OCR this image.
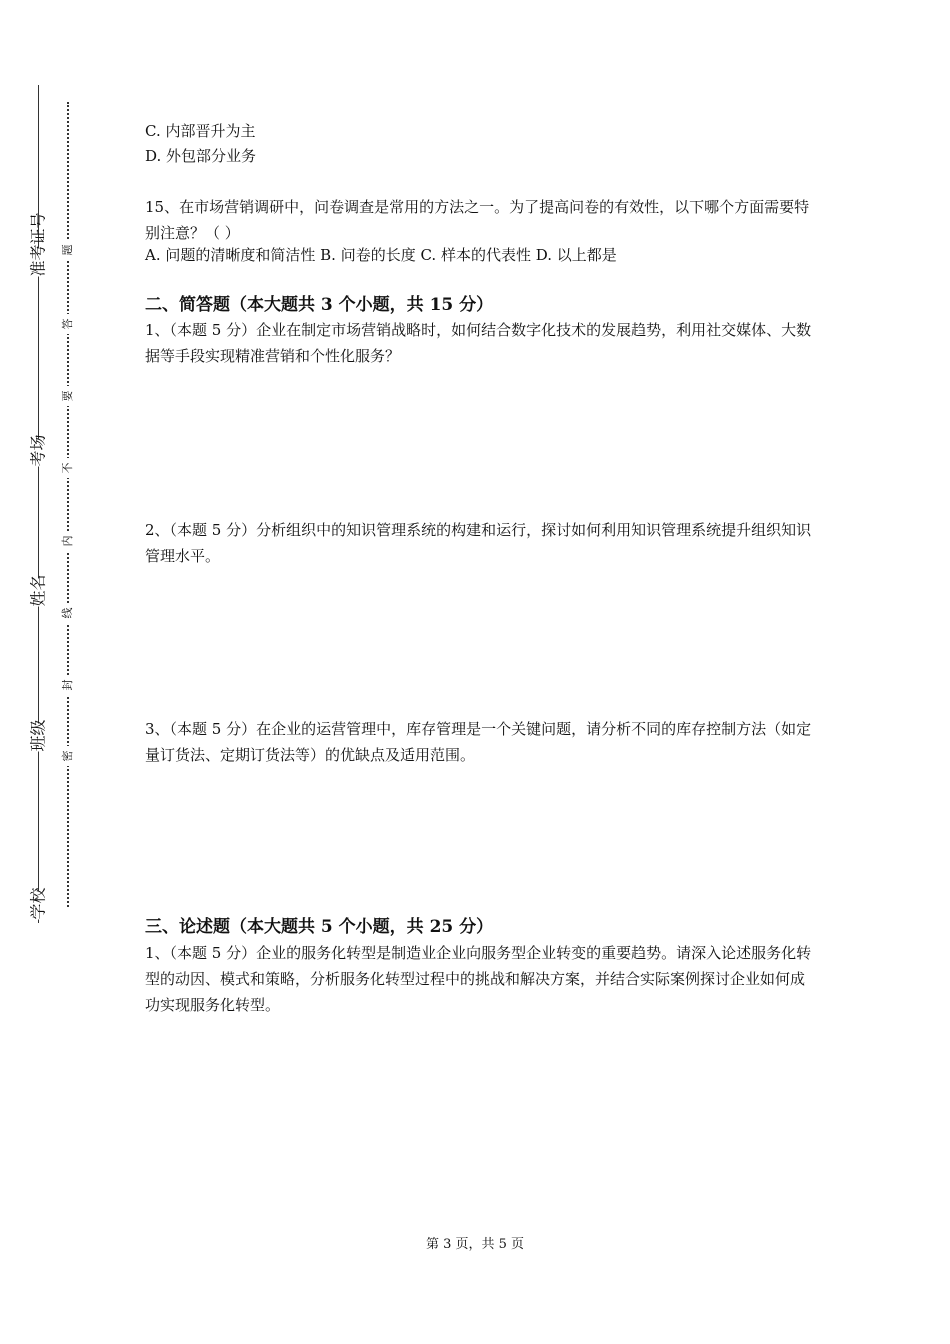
准考证号
考场
姓名
班级
学校
题
答
要
不
内
线
封
密
C. 内部晋升为主
D. 外包部分业务
15、在市场营销调研中，问卷调查是常用的方法之一。为了提高问卷的有效性，以下哪个方面需要特别注意？（ ）
A. 问题的清晰度和简洁性 B. 问卷的长度 C. 样本的代表性 D. 以上都是
二、简答题（本大题共 3 个小题，共 15 分）
1、（本题 5 分）企业在制定市场营销战略时，如何结合数字化技术的发展趋势，利用社交媒体、大数据等手段实现精准营销和个性化服务？
2、（本题 5 分）分析组织中的知识管理系统的构建和运行，探讨如何利用知识管理系统提升组织知识管理水平。
3、（本题 5 分）在企业的运营管理中，库存管理是一个关键问题，请分析不同的库存控制方法（如定量订货法、定期订货法等）的优缺点及适用范围。
三、论述题（本大题共 5 个小题，共 25 分）
1、（本题 5 分）企业的服务化转型是制造业企业向服务型企业转变的重要趋势。请深入论述服务化转型的动因、模式和策略，分析服务化转型过程中的挑战和解决方案，并结合实际案例探讨企业如何成功实现服务化转型。
第 3 页，共 5 页
